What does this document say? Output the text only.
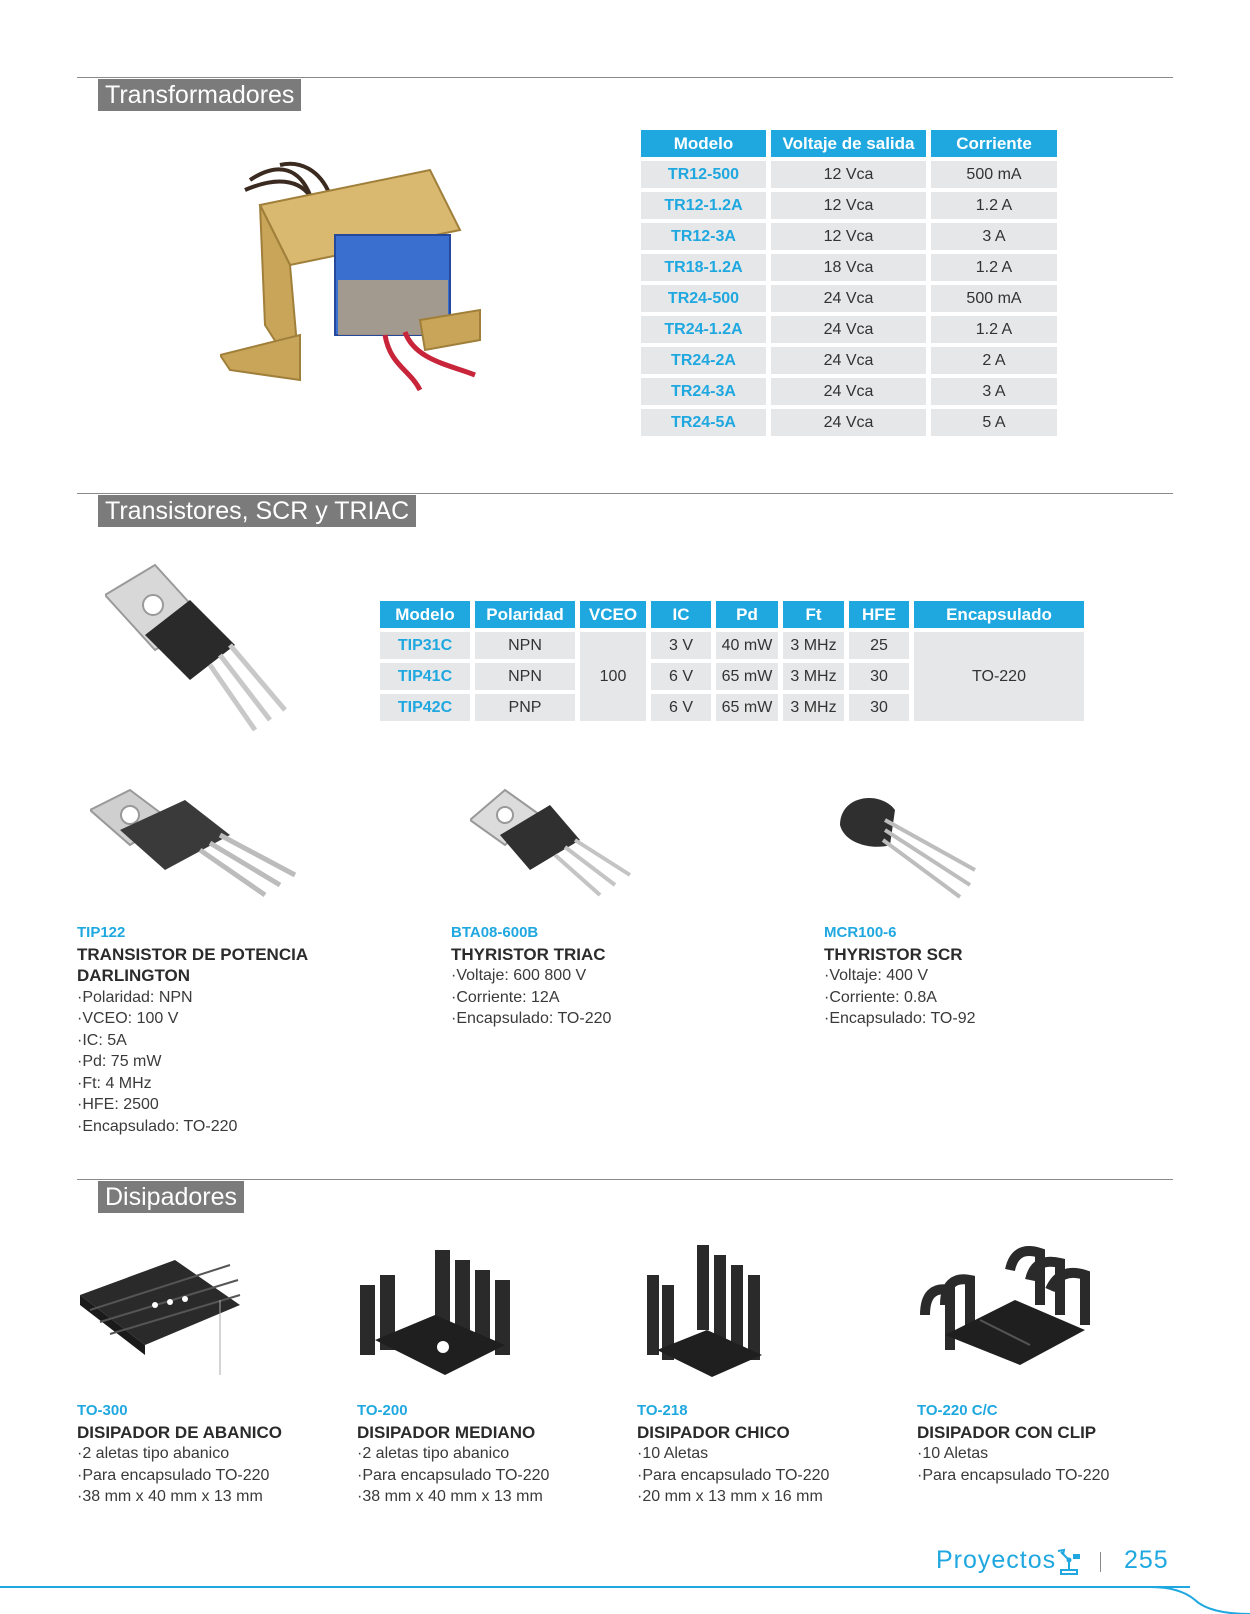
Transformadores
Modelo	Voltaje de salida	Corriente
TR12-500	12 Vca	500 mA
TR12-1.2A	12 Vca	1.2 A
TR12-3A	12 Vca	3 A
TR18-1.2A	18 Vca	1.2 A
TR24-500	24 Vca	500 mA
TR24-1.2A	24 Vca	1.2 A
TR24-2A	24 Vca	2 A
TR24-3A	24 Vca	3 A
TR24-5A	24 Vca	5 A
Transistores, SCR y TRIAC
Modelo	Polaridad	VCEO	IC	Pd	Ft	HFE	Encapsulado
TIP31C	NPN	100	3 V	40 mW	3 MHz	25	TO-220
TIP41C	NPN		6 V	65 mW	3 MHz	30	
TIP42C	PNP		6 V	65 mW	3 MHz	30	
TIP122
TRANSISTOR DE POTENCIA
DARLINGTON
· Polaridad: NPN
· VCEO: 100 V
· IC: 5A
· Pd: 75 mW
· Ft: 4 MHz
· HFE: 2500
· Encapsulado: TO-220
BTA08-600B
THYRISTOR TRIAC
· Voltaje: 600 800 V
· Corriente: 12A
· Encapsulado: TO-220
MCR100-6
THYRISTOR SCR
· Voltaje: 400 V
· Corriente: 0.8A
· Encapsulado: TO-92
Disipadores
TO-300
DISIPADOR DE ABANICO
· 2 aletas tipo abanico
· Para encapsulado TO-220
· 38 mm x 40 mm x 13 mm
TO-200
DISIPADOR MEDIANO
· 2 aletas tipo abanico
· Para encapsulado TO-220
· 38 mm x 40 mm x 13 mm
TO-218
DISIPADOR CHICO
· 10 Aletas
· Para encapsulado TO-220
· 20 mm x 13 mm x 16 mm
TO-220 C/C
DISIPADOR CON CLIP
· 10 Aletas
· Para encapsulado TO-220
Proyectos	255
